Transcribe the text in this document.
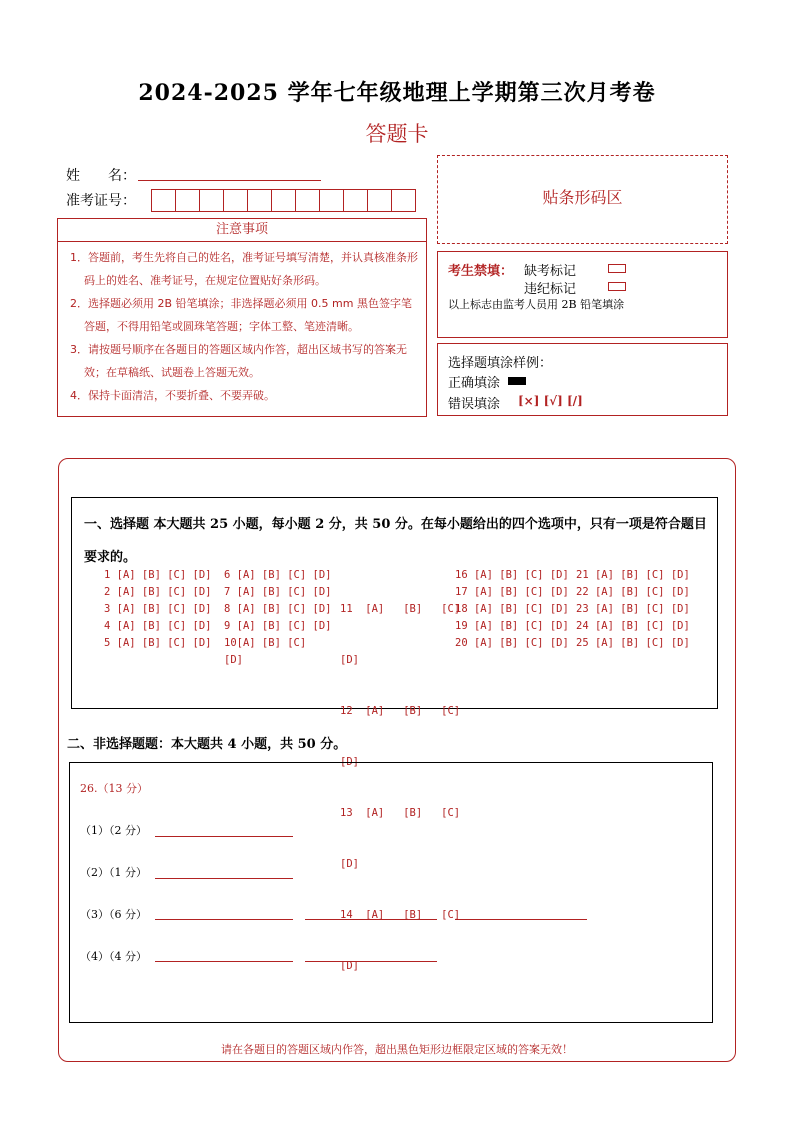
2024-2025 学年七年级地理上学期第三次月考卷
答题卡
姓　　名：
准考证号：
注意事项
1．答题前，考生先将自己的姓名，准考证号填写清楚，并认真核准条形码上的姓名、准考证号，在规定位置贴好条形码。
2．选择题必须用 2B 铅笔填涂；非选择题必须用 0.5 mm 黑色签字笔答题，不得用铅笔或圆珠笔答题；字体工整、笔迹清晰。
3．请按题号顺序在各题目的答题区域内作答，超出区域书写的答案无效；在草稿纸、试题卷上答题无效。
4．保持卡面清洁，不要折叠、不要弄破。
贴条形码区
考生禁填： 缺考标记
违纪标记
以上标志由监考人员用 2B 铅笔填涂
选择题填涂样例：
正确填涂
错误填涂 [×] [√] [/]
一、选择题 本大题共 25 小题，每小题 2 分，共 50 分。在每小题给出的四个选项中，只有一项是符合题目要求的。
1 [A] [B] [C] [D]
2 [A] [B] [C] [D]
3 [A] [B] [C] [D]
4 [A] [B] [C] [D]
5 [A] [B] [C] [D]
6 [A] [B] [C] [D]
7 [A] [B] [C] [D]
8 [A] [B] [C] [D]
9 [A] [B] [C] [D]
10[A] [B] [C]
[D]

11  [A]   [B]   [C]

[D]

12  [A]   [B]   [C]

[D]

13  [A]   [B]   [C]

[D]

14  [A]   [B]   [C]

[D]

16 [A] [B] [C] [D]
17 [A] [B] [C] [D]
18 [A] [B] [C] [D]
19 [A] [B] [C] [D]
20 [A] [B] [C] [D]
21 [A] [B] [C] [D]
22 [A] [B] [C] [D]
23 [A] [B] [C] [D]
24 [A] [B] [C] [D]
25 [A] [B] [C] [D]
二、非选择题题：本大题共 4 小题，共 50 分。
26.（13 分）
（1）（2 分）
（2）（1 分）
（3）（6 分）
（4）（4 分）
请在各题目的答题区域内作答，超出黑色矩形边框限定区域的答案无效！
